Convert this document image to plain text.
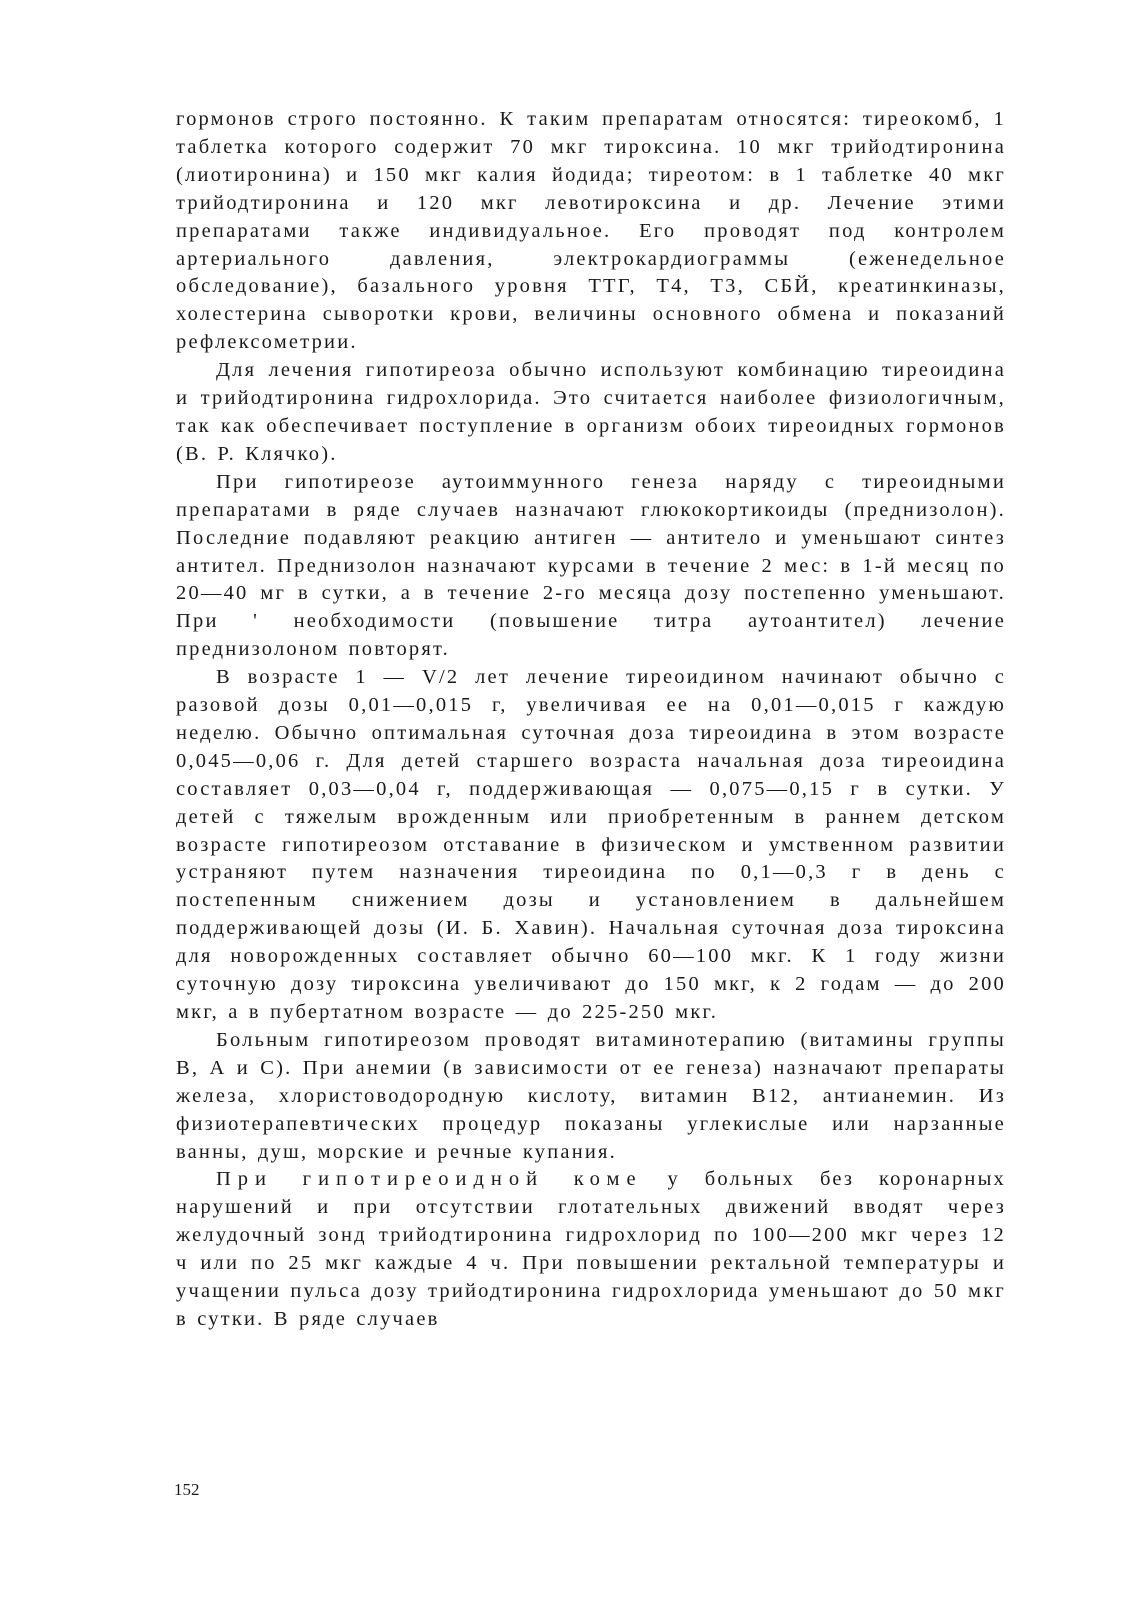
гормонов строго постоянно. К таким препаратам относятся: тиреокомб, 1 таблетка которого содержит 70 мкг тироксина. 10 мкг трийодтиронина (лиотиронина) и 150 мкг калия йодида; тиреотом: в 1 таблетке 40 мкг трийодтиронина и 120 мкг левотироксина и др. Лечение этими препаратами также индивидуальное. Его проводят под контролем артериального давления, электрокардиограммы (еженедельное обследование), базального уровня ТТГ, Т4, Т3, СБЙ, креатинкиназы, холестерина сыворотки крови, величины основного обмена и показаний рефлексометрии.

Для лечения гипотиреоза обычно используют комбинацию тиреоидина и трийодтиронина гидрохлорида. Это считается наиболее физиологичным, так как обеспечивает поступление в организм обоих тиреоидных гормонов (В. Р. Клячко).

При гипотиреозе аутоиммунного генеза наряду с тиреоидными препаратами в ряде случаев назначают глюкокортикоиды (преднизолон). Последние подавляют реакцию антиген — антитело и уменьшают синтез антител. Преднизолон назначают курсами в течение 2 мес: в 1-й месяц по 20—40 мг в сутки, а в течение 2-го месяца дозу постепенно уменьшают. При ' необходимости (повышение титра аутоантител) лечение преднизолоном повторят.

В возрасте 1 — V/2 лет лечение тиреоидином начинают обычно с разовой дозы 0,01—0,015 г, увеличивая ее на 0,01—0,015 г каждую неделю. Обычно оптимальная суточная доза тиреоидина в этом возрасте 0,045—0,06 г. Для детей старшего возраста начальная доза тиреоидина составляет 0,03—0,04 г, поддерживающая — 0,075—0,15 г в сутки. У детей с тяжелым врожденным или приобретенным в раннем детском возрасте гипотиреозом отставание в физическом и умственном развитии устраняют путем назначения тиреоидина по 0,1—0,3 г в день с постепенным снижением дозы и установлением в дальнейшем поддерживающей дозы (И. Б. Хавин). Начальная суточная доза тироксина для новорожденных составляет обычно 60—100 мкг. К 1 году жизни суточную дозу тироксина увеличивают до 150 мкг, к 2 годам — до 200 мкг, а в пубертатном возрасте — до 225-250 мкг.

Больным гипотиреозом проводят витаминотерапию (витамины группы В, А и С). При анемии (в зависимости от ее генеза) назначают препараты железа, хлористоводородную кислоту, витамин В12, антианемин. Из физиотерапевтических процедур показаны углекислые или нарзанные ванны, душ, морские и речные купания.

При гипотиреоидной коме у больных без коронарных нарушений и при отсутствии глотательных движений вводят через желудочный зонд трийодтиронина гидрохлорид по 100—200 мкг через 12 ч или по 25 мкг каждые 4 ч. При повышении ректальной температуры и учащении пульса дозу трийодтиронина гидрохлорида уменьшают до 50 мкг в сутки. В ряде случаев

152
